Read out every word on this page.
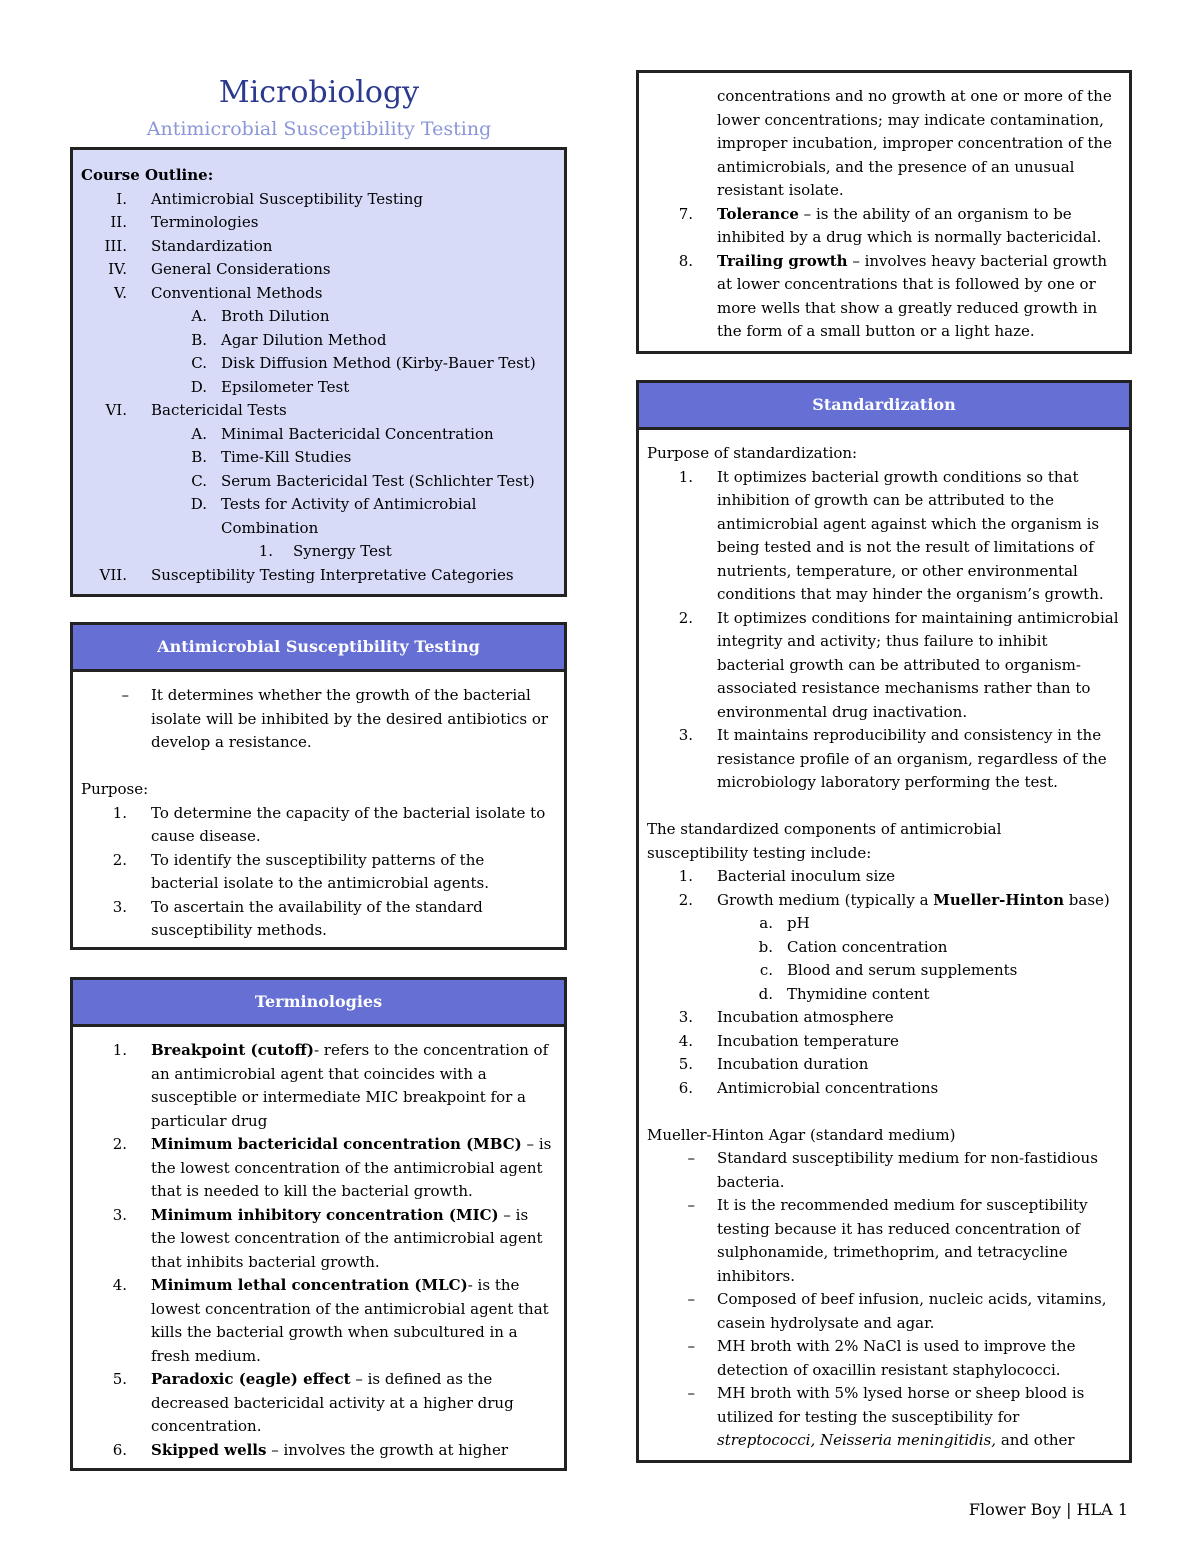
Microbiology
Antimicrobial Susceptibility Testing
Course Outline:
I. Antimicrobial Susceptibility Testing
II. Terminologies
III. Standardization
IV. General Considerations
V. Conventional Methods
A. Broth Dilution
B. Agar Dilution Method
C. Disk Diffusion Method (Kirby-Bauer Test)
D. Epsilometer Test
VI. Bactericidal Tests
A. Minimal Bactericidal Concentration
B. Time-Kill Studies
C. Serum Bactericidal Test (Schlichter Test)
D. Tests for Activity of Antimicrobial Combination
1. Synergy Test
VII. Susceptibility Testing Interpretative Categories
Antimicrobial Susceptibility Testing
– It determines whether the growth of the bacterial isolate will be inhibited by the desired antibiotics or develop a resistance.
Purpose:
1. To determine the capacity of the bacterial isolate to cause disease.
2. To identify the susceptibility patterns of the bacterial isolate to the antimicrobial agents.
3. To ascertain the availability of the standard susceptibility methods.
Terminologies
1. Breakpoint (cutoff)- refers to the concentration of an antimicrobial agent that coincides with a susceptible or intermediate MIC breakpoint for a particular drug
2. Minimum bactericidal concentration (MBC) – is the lowest concentration of the antimicrobial agent that is needed to kill the bacterial growth.
3. Minimum inhibitory concentration (MIC) – is the lowest concentration of the antimicrobial agent that inhibits bacterial growth.
4. Minimum lethal concentration (MLC)- is the lowest concentration of the antimicrobial agent that kills the bacterial growth when subcultured in a fresh medium.
5. Paradoxic (eagle) effect – is defined as the decreased bactericidal activity at a higher drug concentration.
6. Skipped wells – involves the growth at higher
concentrations and no growth at one or more of the lower concentrations; may indicate contamination, improper incubation, improper concentration of the antimicrobials, and the presence of an unusual resistant isolate.
7. Tolerance – is the ability of an organism to be inhibited by a drug which is normally bactericidal.
8. Trailing growth – involves heavy bacterial growth at lower concentrations that is followed by one or more wells that show a greatly reduced growth in the form of a small button or a light haze.
Standardization
Purpose of standardization:
1. It optimizes bacterial growth conditions so that inhibition of growth can be attributed to the antimicrobial agent against which the organism is being tested and is not the result of limitations of nutrients, temperature, or other environmental conditions that may hinder the organism’s growth.
2. It optimizes conditions for maintaining antimicrobial integrity and activity; thus failure to inhibit bacterial growth can be attributed to organism-associated resistance mechanisms rather than to environmental drug inactivation.
3. It maintains reproducibility and consistency in the resistance profile of an organism, regardless of the microbiology laboratory performing the test.
The standardized components of antimicrobial susceptibility testing include:
1. Bacterial inoculum size
2. Growth medium (typically a Mueller-Hinton base)
a. pH
b. Cation concentration
c. Blood and serum supplements
d. Thymidine content
3. Incubation atmosphere
4. Incubation temperature
5. Incubation duration
6. Antimicrobial concentrations
Mueller-Hinton Agar (standard medium)
– Standard susceptibility medium for non-fastidious bacteria.
– It is the recommended medium for susceptibility testing because it has reduced concentration of sulphonamide, trimethoprim, and tetracycline inhibitors.
– Composed of beef infusion, nucleic acids, vitamins, casein hydrolysate and agar.
– MH broth with 2% NaCl is used to improve the detection of oxacillin resistant staphylococci.
– MH broth with 5% lysed horse or sheep blood is utilized for testing the susceptibility for streptococci, Neisseria meningitidis, and other
Flower Boy | HLA 1
